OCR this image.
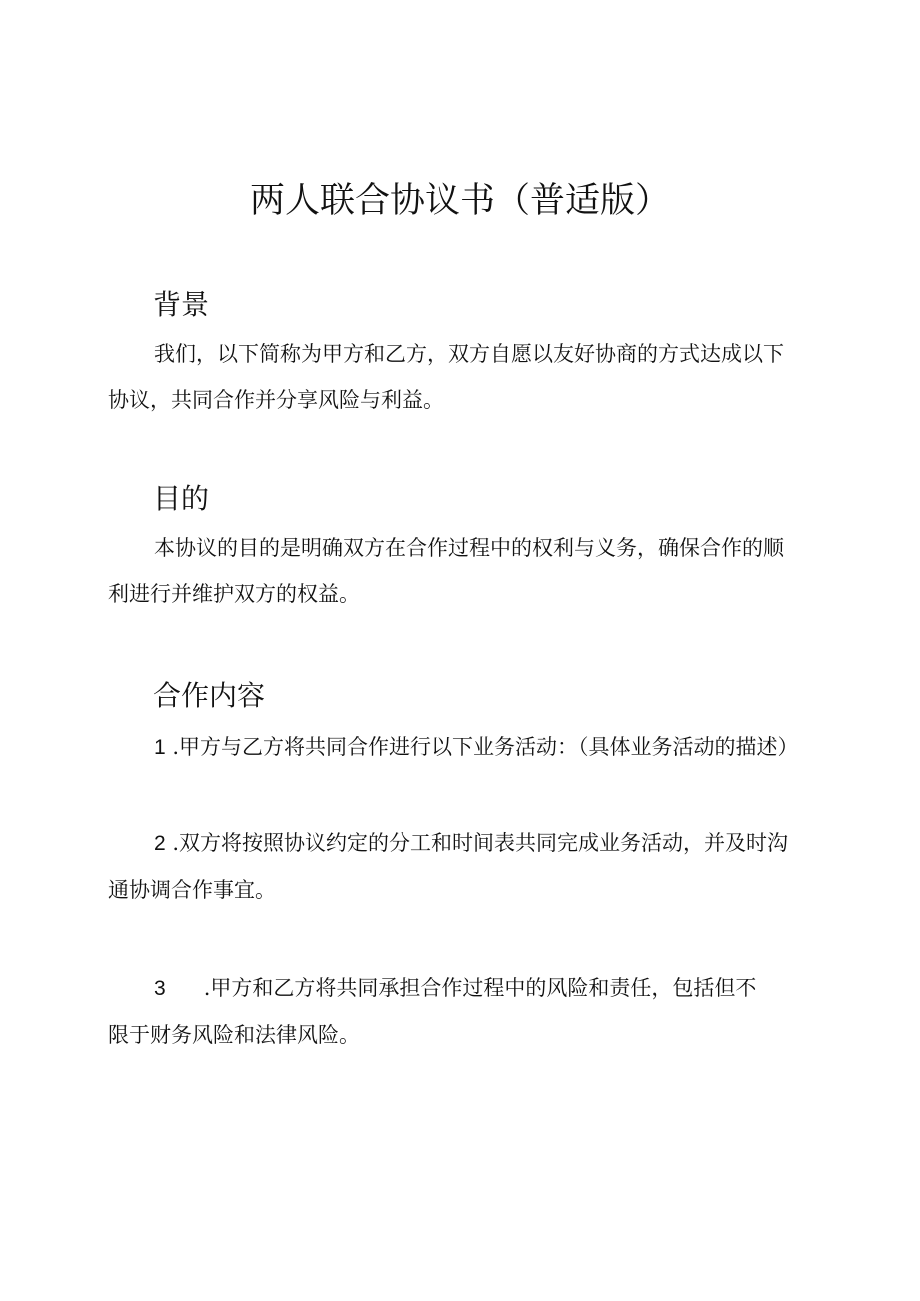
两人联合协议书（普适版）
背景
我们，以下简称为甲方和乙方，双方自愿以友好协商的方式达成以下
协议，共同合作并分享风险与利益。
目的
本协议的目的是明确双方在合作过程中的权利与义务，确保合作的顺
利进行并维护双方的权益。
合作内容
1 .甲方与乙方将共同合作进行以下业务活动：（具体业务活动的描述）
2 .双方将按照协议约定的分工和时间表共同完成业务活动，并及时沟
通协调合作事宜。
3 .甲方和乙方将共同承担合作过程中的风险和责任，包括但不
限于财务风险和法律风险。
